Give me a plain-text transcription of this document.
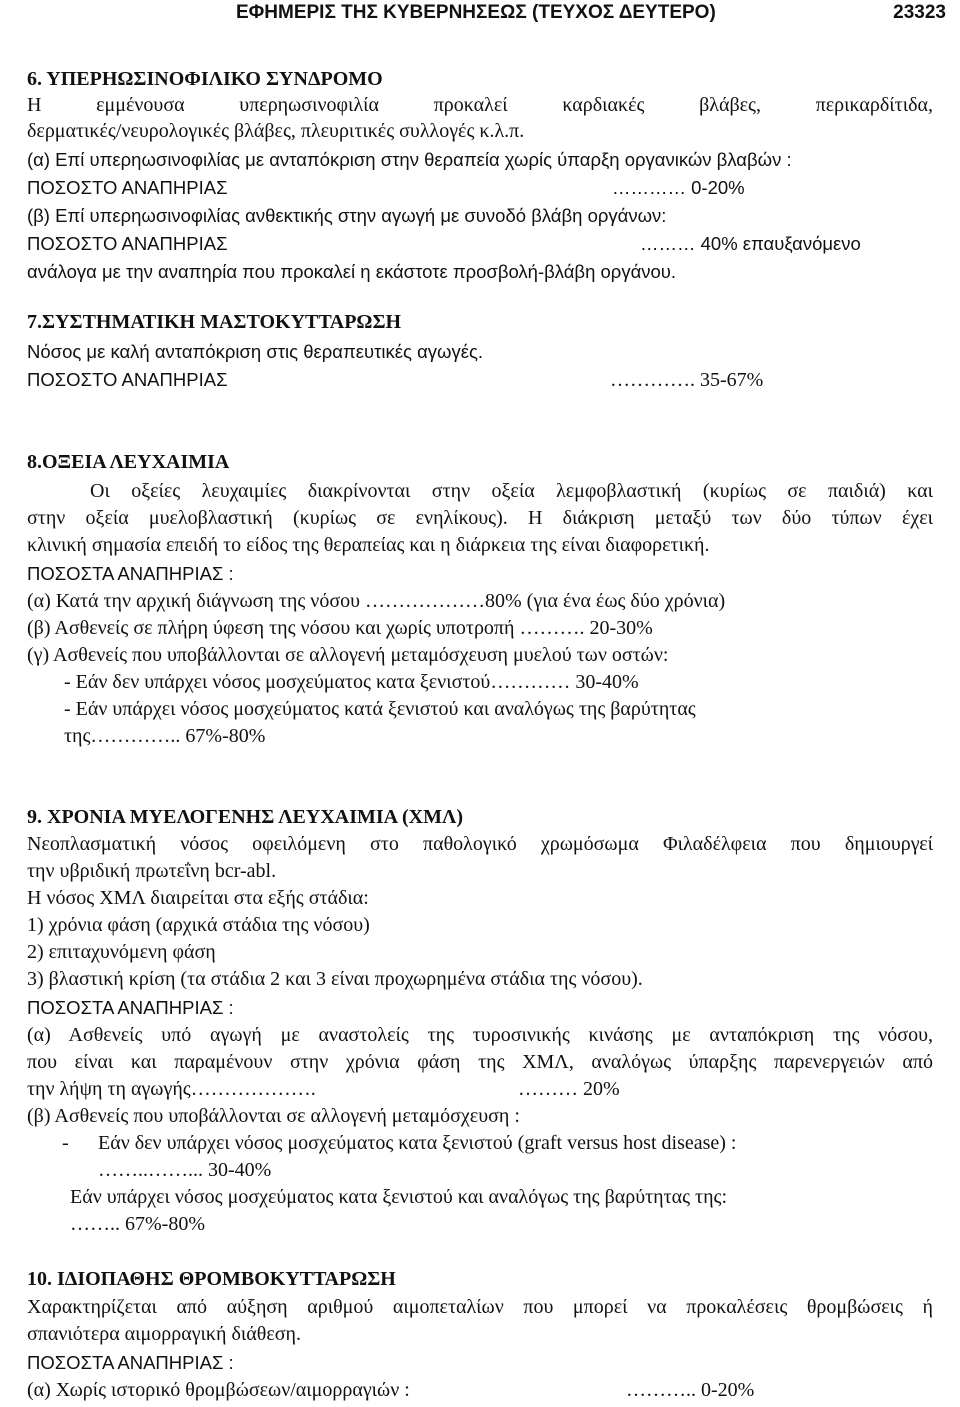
ΕΦΗΜΕΡΙΣ ΤΗΣ ΚΥΒΕΡΝΗΣΕΩΣ (ΤΕΥΧΟΣ ΔΕΥΤΕΡΟ)	23323
6. ΥΠΕΡΗΩΣΙΝΟΦΙΛΙΚΟ ΣΥΝΔΡΟΜΟ
Η εμμένουσα υπερηωσινοφιλία προκαλεί καρδιακές βλάβες, περικαρδίτιδα,
δερματικές/νευρολογικές βλάβες, πλευριτικές συλλογές κ.λ.π.
(α) Επί υπερηωσινοφιλίας με ανταπόκριση στην θεραπεία χωρίς ύπαρξη οργανικών βλαβών :
ΠΟΣΟΣΤΟ ΑΝΑΠΗΡΙΑΣ	………… 0-20%
(β) Επί υπερηωσινοφιλίας ανθεκτικής στην αγωγή με συνοδό βλάβη οργάνων:
ΠΟΣΟΣΤΟ ΑΝΑΠΗΡΙΑΣ	……… 40% επαυξανόμενο
ανάλογα με την αναπηρία που προκαλεί η εκάστοτε προσβολή-βλάβη οργάνου.
7.ΣΥΣΤΗΜΑΤΙΚΗ ΜΑΣΤΟΚΥΤΤΑΡΩΣΗ
Νόσος με καλή ανταπόκριση στις θεραπευτικές αγωγές.
ΠΟΣΟΣΤΟ ΑΝΑΠΗΡΙΑΣ	…………. 35-67%
8.ΟΞΕΙΑ ΛΕΥΧΑΙΜΙΑ
Οι οξείες λευχαιμίες διακρίνονται στην οξεία λεμφοβλαστική (κυρίως σε παιδιά) και
στην οξεία μυελοβλαστική (κυρίως σε ενηλίκους). Η διάκριση μεταξύ των δύο τύπων έχει
κλινική σημασία επειδή το είδος της θεραπείας και η διάρκεια της είναι διαφορετική.
ΠΟΣΟΣΤΑ ΑΝΑΠΗΡΙΑΣ :
(α) Κατά την αρχική διάγνωση της νόσου ………………80% (για ένα έως δύο χρόνια)
(β) Ασθενείς σε πλήρη ύφεση της νόσου και χωρίς υποτροπή ………. 20-30%
(γ) Ασθενείς που υποβάλλονται σε αλλογενή μεταμόσχευση μυελού των οστών:
- Εάν δεν υπάρχει νόσος μοσχεύματος κατα ξενιστού………… 30-40%
- Εάν υπάρχει νόσος μοσχεύματος κατά ξενιστού και αναλόγως της βαρύτητας
της………….. 67%-80%
9. ΧΡΟΝΙΑ ΜΥΕΛΟΓΕΝΗΣ ΛΕΥΧΑΙΜΙΑ (ΧΜΛ)
Νεοπλασματική νόσος οφειλόμενη στο παθολογικό χρωμόσωμα Φιλαδέλφεια που δημιουργεί
την υβριδική πρωτεΐνη bcr-abl.
Η νόσος ΧΜΛ διαιρείται στα εξής στάδια:
1) χρόνια φάση (αρχικά στάδια της νόσου)
2) επιταχυνόμενη φάση
3) βλαστική κρίση (τα στάδια 2 και 3 είναι προχωρημένα στάδια της νόσου).
ΠΟΣΟΣΤΑ ΑΝΑΠΗΡΙΑΣ :
(α) Ασθενείς υπό αγωγή με αναστολείς της τυροσινικής κινάσης με ανταπόκριση της νόσου,
που είναι και παραμένουν στην χρόνια φάση της ΧΜΛ, αναλόγως ύπαρξης παρενεργειών από
την λήψη τη αγωγής……………….	……… 20%
(β) Ασθενείς που υποβάλλονται σε αλλογενή μεταμόσχευση :
- Εάν δεν υπάρχει νόσος μοσχεύματος κατα ξενιστού (graft versus host disease) :
……..……... 30-40%
Εάν υπάρχει νόσος μοσχεύματος κατα ξενιστού και αναλόγως της βαρύτητας της:
…….. 67%-80%
10. ΙΔΙΟΠΑΘΗΣ ΘΡΟΜΒΟΚΥΤΤΑΡΩΣΗ
Χαρακτηρίζεται από αύξηση αριθμού αιμοπεταλίων που μπορεί να προκαλέσεις θρομβώσεις ή
σπανιότερα αιμορραγική διάθεση.
ΠΟΣΟΣΤΑ ΑΝΑΠΗΡΙΑΣ :
(α) Χωρίς ιστορικό θρομβώσεων/αιμορραγιών :	……….. 0-20%
